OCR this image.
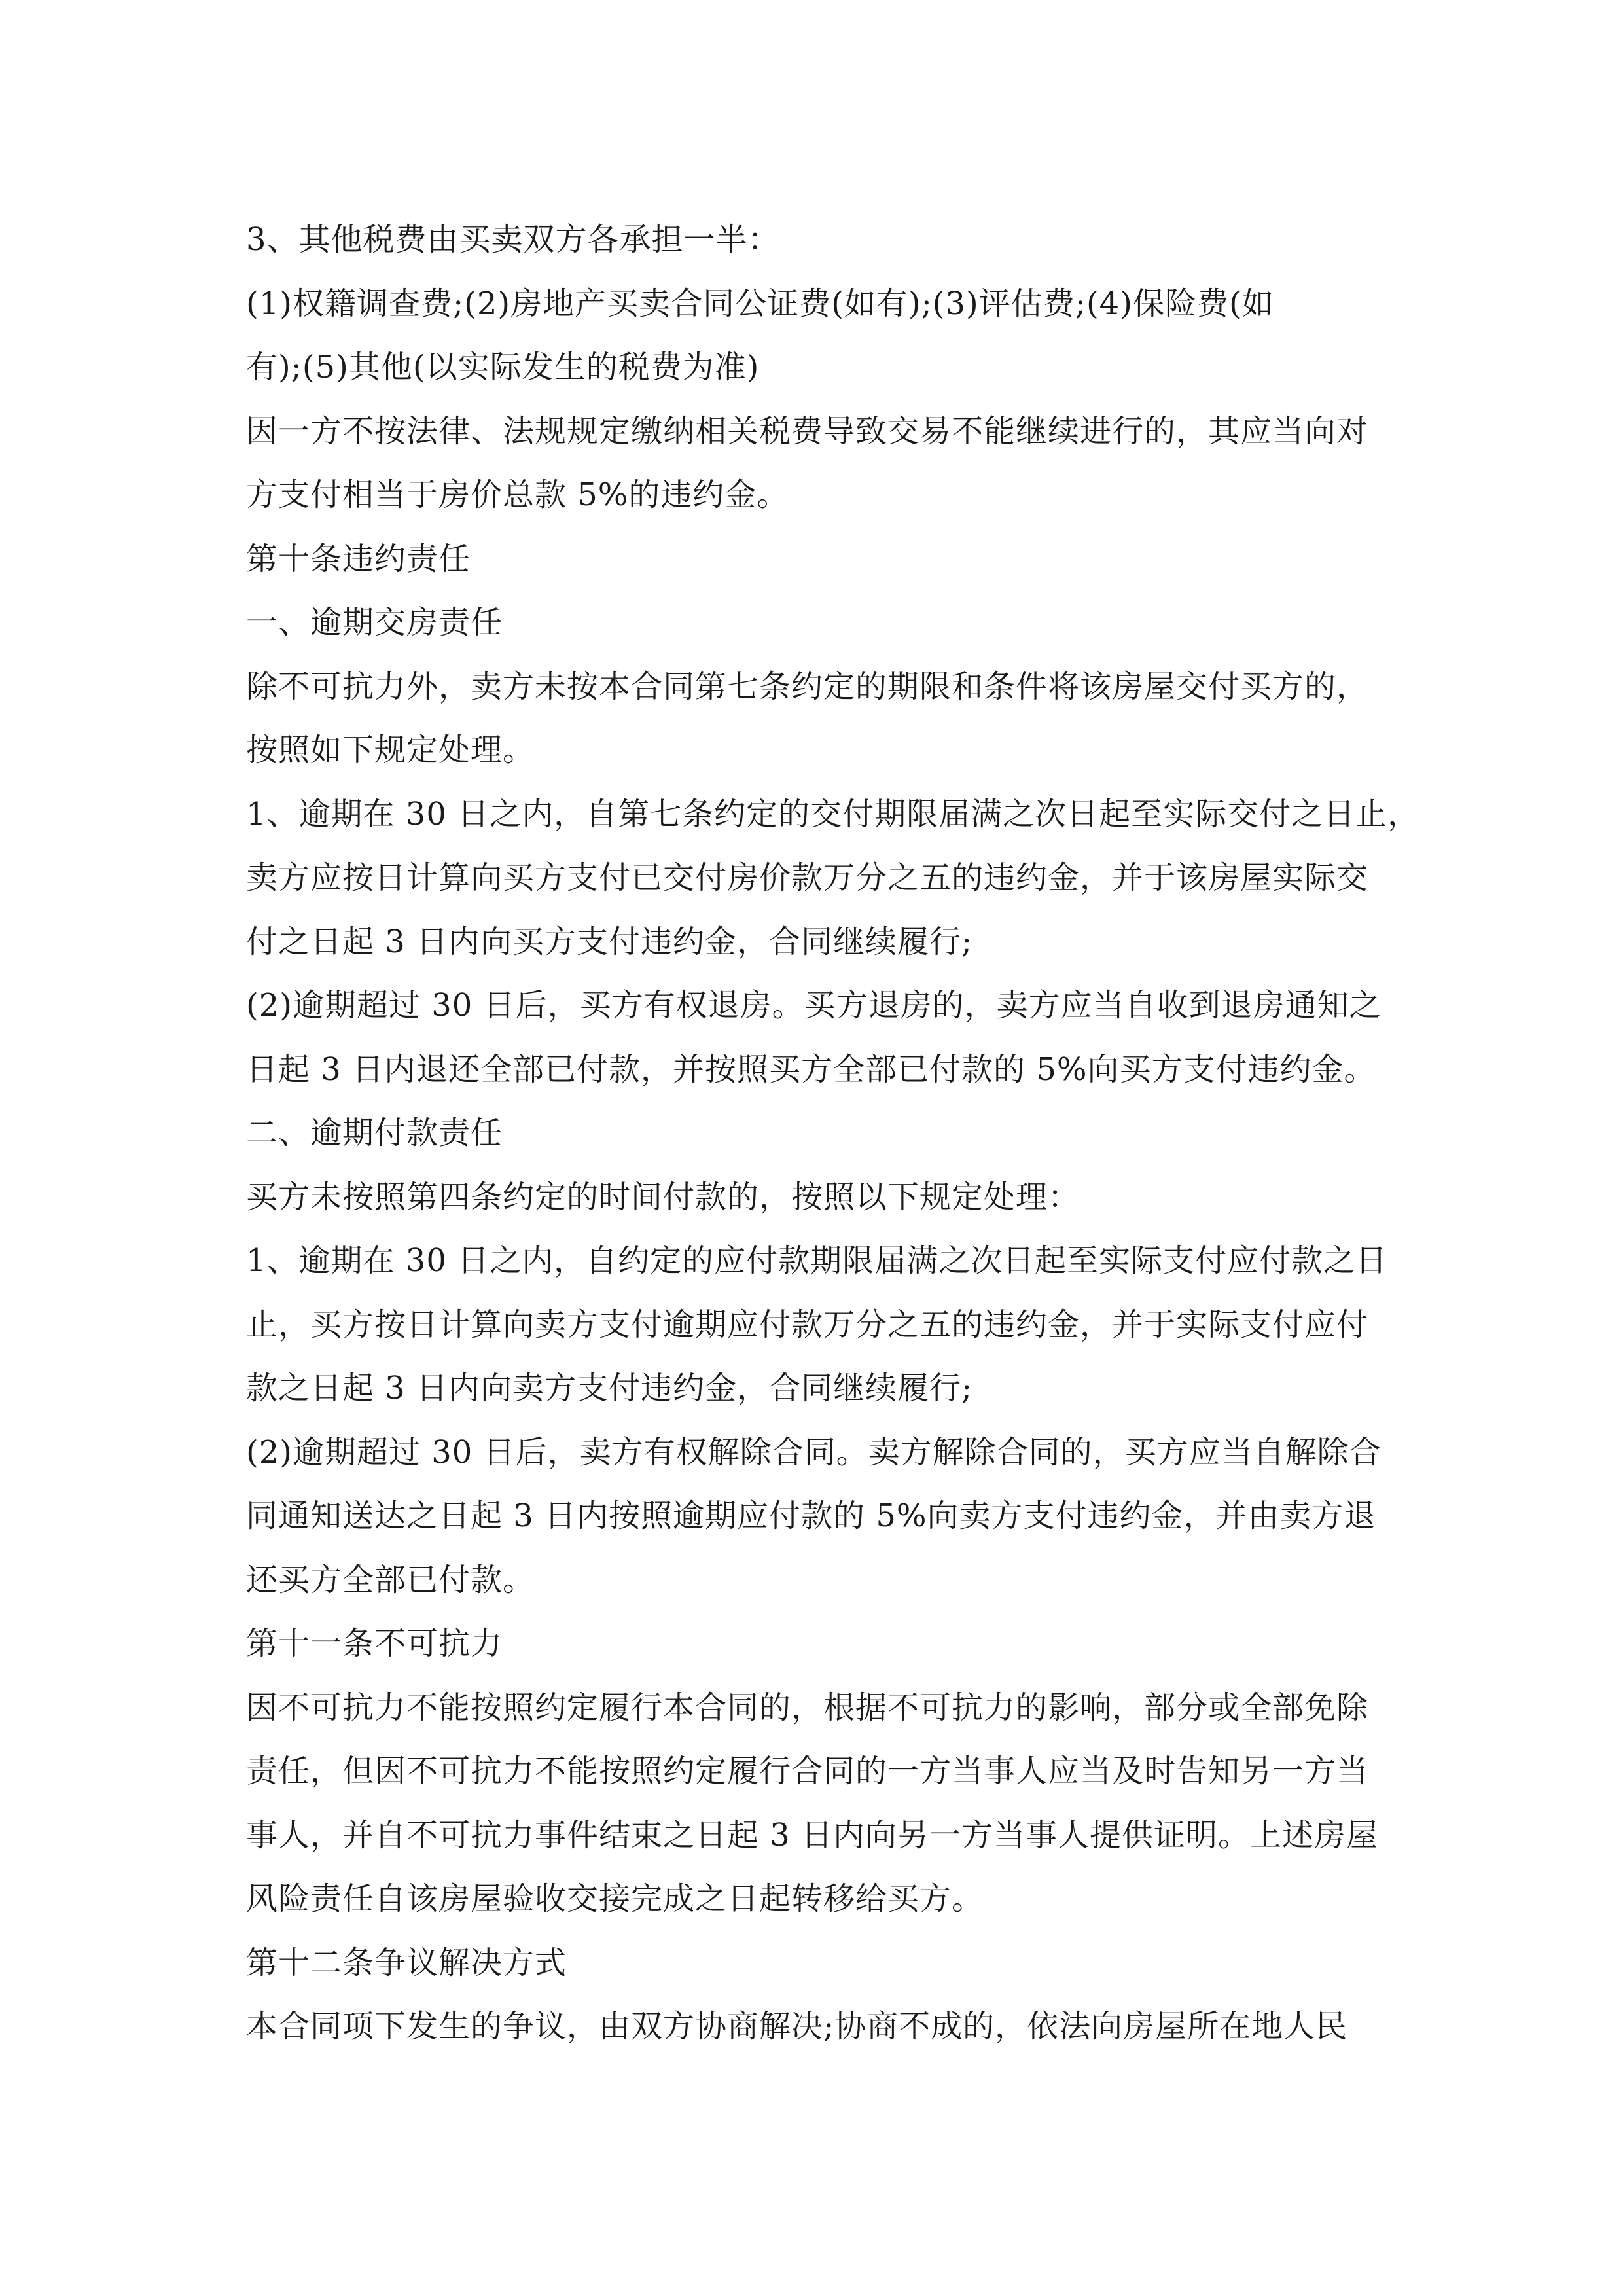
3、其他税费由买卖双方各承担一半：
(1)权籍调查费;(2)房地产买卖合同公证费(如有);(3)评估费;(4)保险费(如
有);(5)其他(以实际发生的税费为准)
因一方不按法律、法规规定缴纳相关税费导致交易不能继续进行的，其应当向对
方支付相当于房价总款 5%的违约金。
第十条违约责任
一、逾期交房责任
除不可抗力外，卖方未按本合同第七条约定的期限和条件将该房屋交付买方的，
按照如下规定处理。
1、逾期在 30 日之内，自第七条约定的交付期限届满之次日起至实际交付之日止，
卖方应按日计算向买方支付已交付房价款万分之五的违约金，并于该房屋实际交
付之日起 3 日内向买方支付违约金，合同继续履行;
(2)逾期超过 30 日后，买方有权退房。买方退房的，卖方应当自收到退房通知之
日起 3 日内退还全部已付款，并按照买方全部已付款的 5%向买方支付违约金。
二、逾期付款责任
买方未按照第四条约定的时间付款的，按照以下规定处理：
1、逾期在 30 日之内，自约定的应付款期限届满之次日起至实际支付应付款之日
止，买方按日计算向卖方支付逾期应付款万分之五的违约金，并于实际支付应付
款之日起 3 日内向卖方支付违约金，合同继续履行;
(2)逾期超过 30 日后，卖方有权解除合同。卖方解除合同的，买方应当自解除合
同通知送达之日起 3 日内按照逾期应付款的 5%向卖方支付违约金，并由卖方退
还买方全部已付款。
第十一条不可抗力
因不可抗力不能按照约定履行本合同的，根据不可抗力的影响，部分或全部免除
责任，但因不可抗力不能按照约定履行合同的一方当事人应当及时告知另一方当
事人，并自不可抗力事件结束之日起 3 日内向另一方当事人提供证明。上述房屋
风险责任自该房屋验收交接完成之日起转移给买方。
第十二条争议解决方式
本合同项下发生的争议，由双方协商解决;协商不成的，依法向房屋所在地人民
